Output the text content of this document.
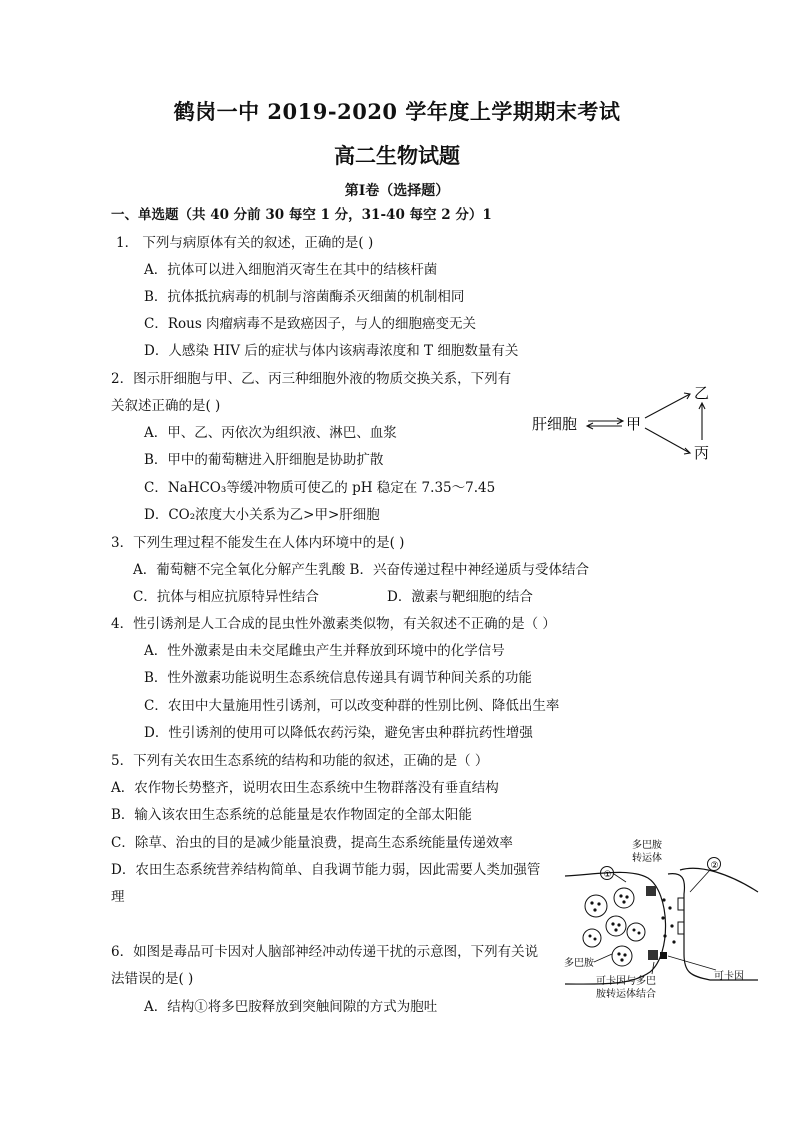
鹤岗一中 2019-2020 学年度上学期期末考试
高二生物试题
第Ⅰ卷（选择题）
一、单选题（共 40 分前 30 每空 1 分，31-40 每空 2 分）1
1． 下列与病原体有关的叙述，正确的是( )
A．抗体可以进入细胞消灭寄生在其中的结核杆菌
B．抗体抵抗病毒的机制与溶菌酶杀灭细菌的机制相同
C．Rous 肉瘤病毒不是致癌因子，与人的细胞癌变无关
D．人感染 HIV 后的症状与体内该病毒浓度和 T 细胞数量有关
2．图示肝细胞与甲、乙、丙三种细胞外液的物质交换关系，下列有
关叙述正确的是( )
A．甲、乙、丙依次为组织液、淋巴、血浆
B．甲中的葡萄糖进入肝细胞是协助扩散
C．NaHCO₃等缓冲物质可使乙的 pH 稳定在 7.35～7.45
D．CO₂浓度大小关系为乙>甲>肝细胞
肝细胞	甲
乙
丙
3．下列生理过程不能发生在人体内环境中的是( )
A．葡萄糖不完全氧化分解产生乳酸 B．兴奋传递过程中神经递质与受体结合
C．抗体与相应抗原特异性结合	D．激素与靶细胞的结合
4．性引诱剂是人工合成的昆虫性外激素类似物，有关叙述不正确的是（ ）
A．性外激素是由未交尾雌虫产生并释放到环境中的化学信号
B．性外激素功能说明生态系统信息传递具有调节种间关系的功能
C．农田中大量施用性引诱剂，可以改变种群的性别比例、降低出生率
D．性引诱剂的使用可以降低农药污染，避免害虫种群抗药性增强
5．下列有关农田生态系统的结构和功能的叙述，正确的是（ ）
A．农作物长势整齐，说明农田生态系统中生物群落没有垂直结构
B．输入该农田生态系统的总能量是农作物固定的全部太阳能
C．除草、治虫的目的是减少能量浪费，提高生态系统能量传递效率
D．农田生态系统营养结构简单、自我调节能力弱，因此需要人类加强管
理
6．如图是毒品可卡因对人脑部神经冲动传递干扰的示意图，下列有关说
法错误的是( )
A．结构①将多巴胺释放到突触间隙的方式为胞吐
多巴胺
转运体
①
②
多巴胺
可卡因与多巴
胺转运体结合
可卡因
